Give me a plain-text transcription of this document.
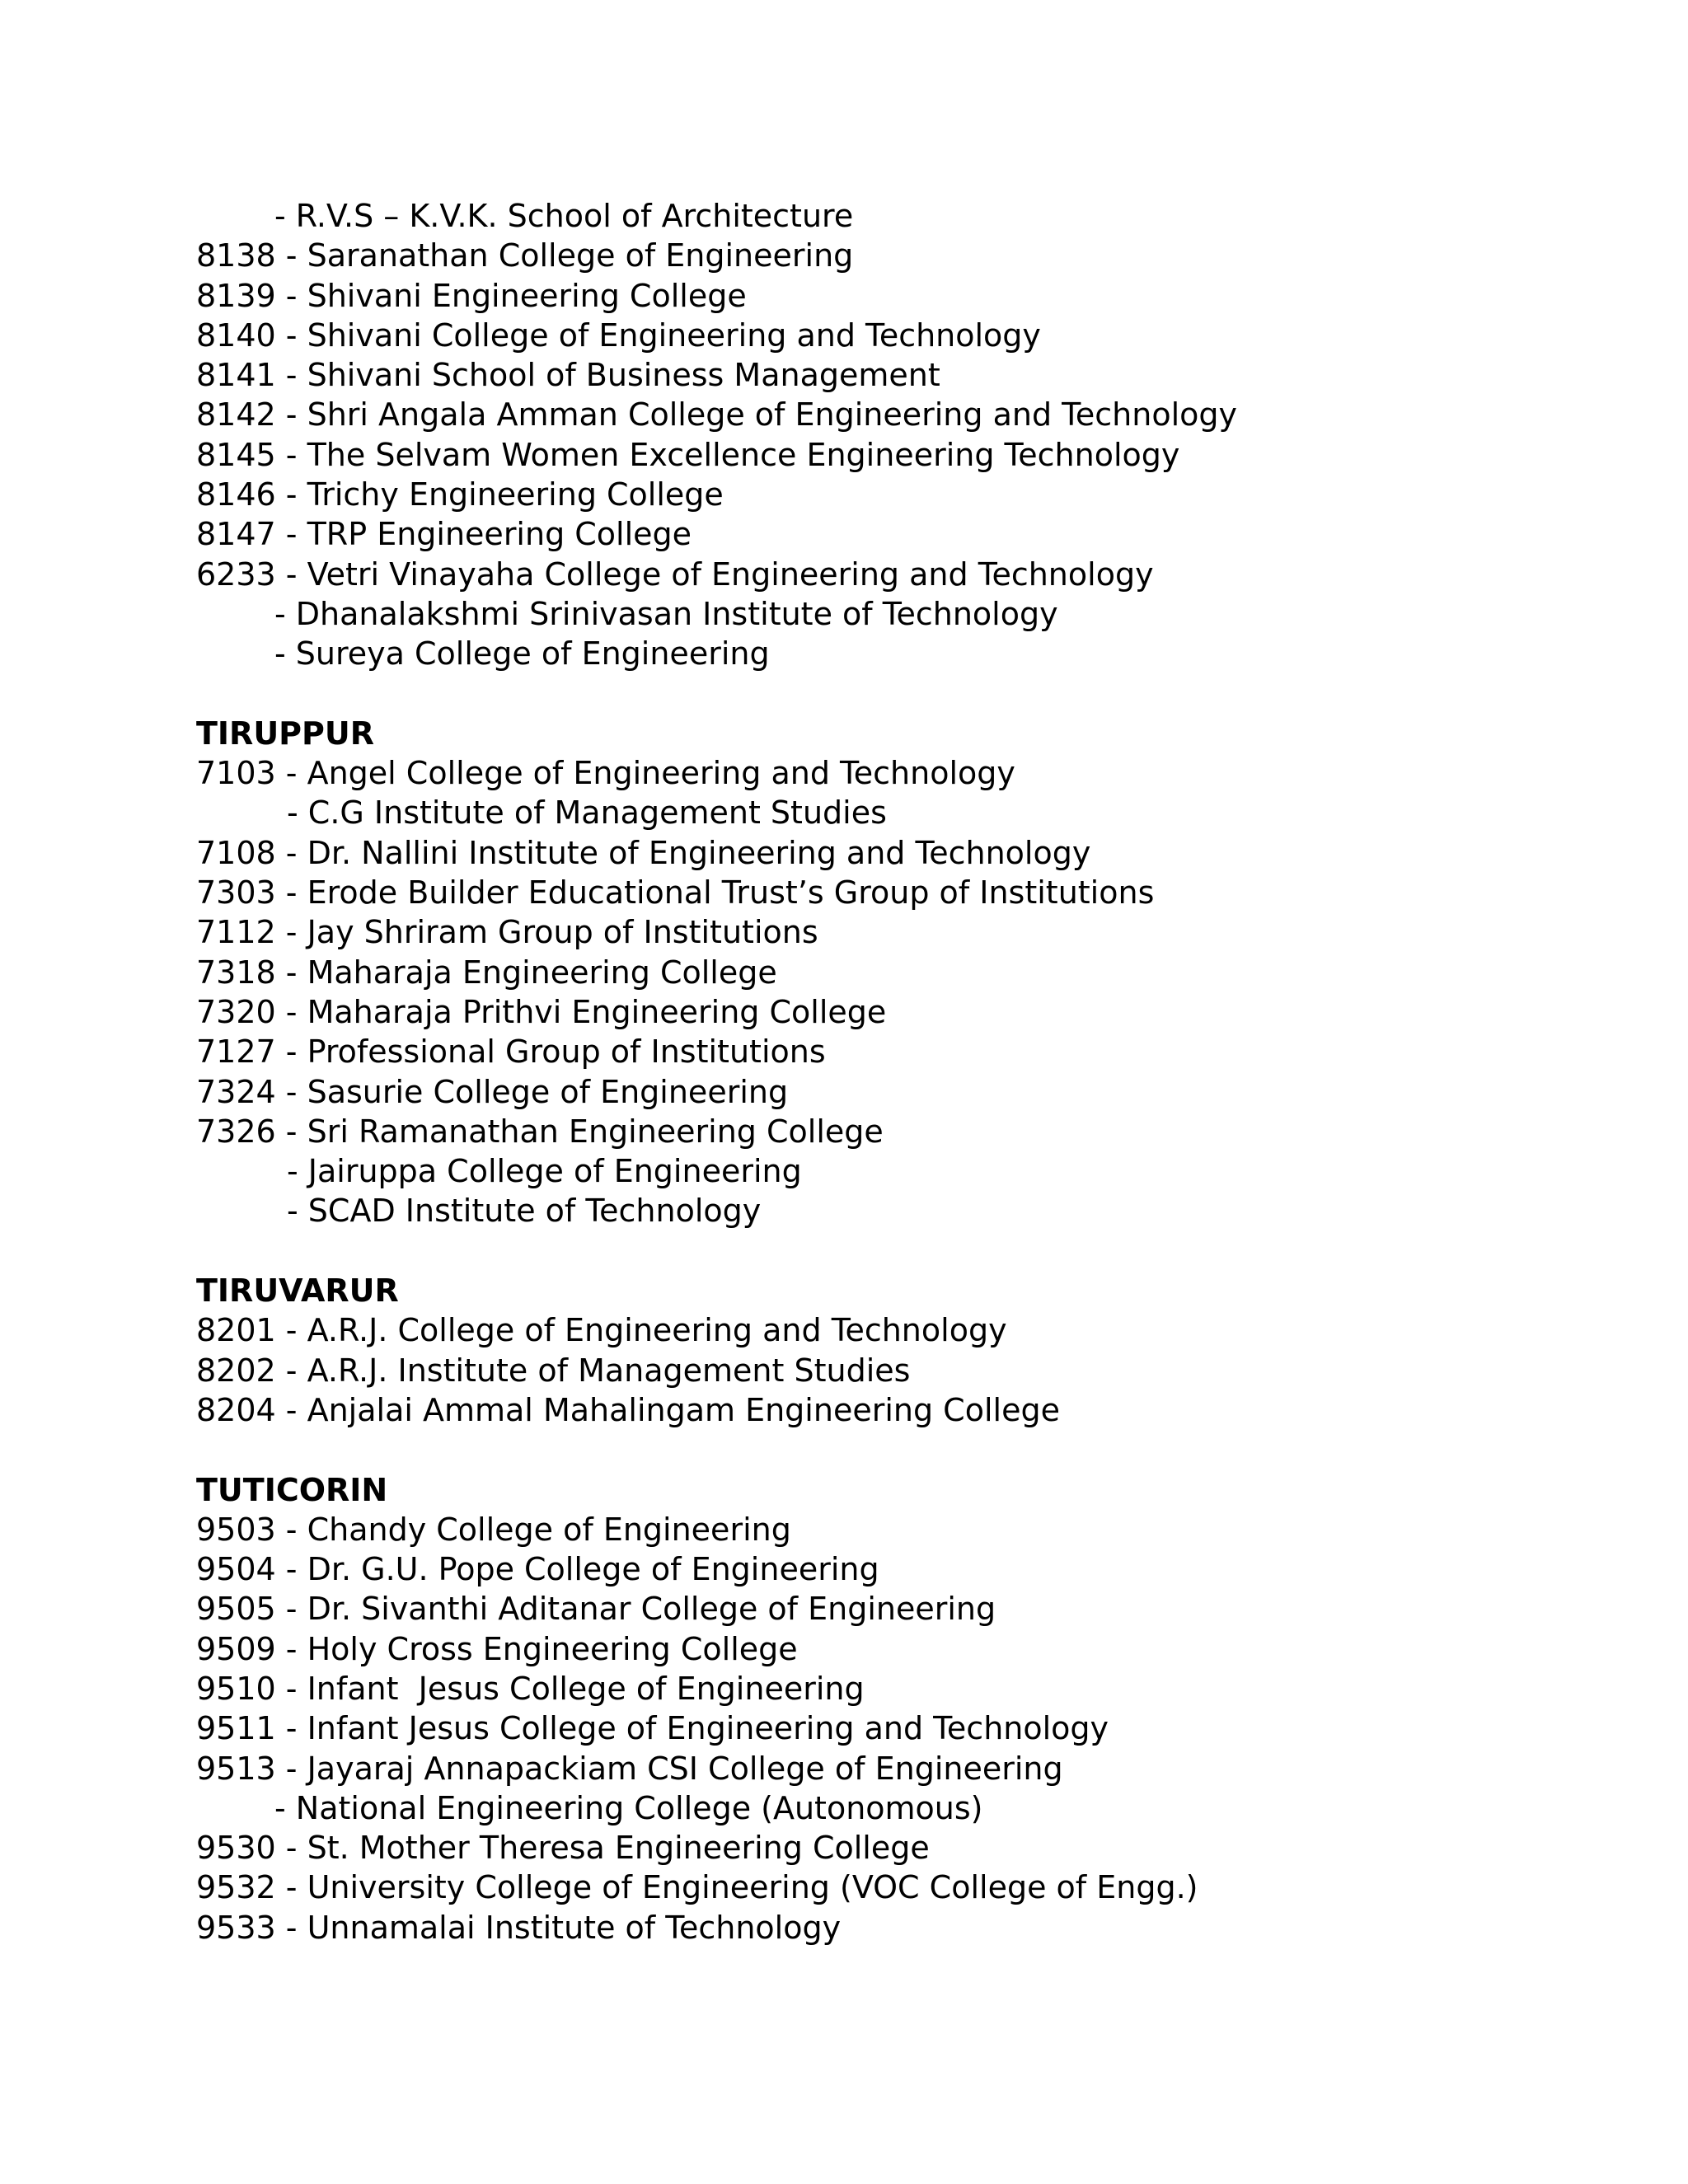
- R.V.S – K.V.K. School of Architecture
8138 - Saranathan College of Engineering
8139 - Shivani Engineering College
8140 - Shivani College of Engineering and Technology
8141 - Shivani School of Business Management
8142 - Shri Angala Amman College of Engineering and Technology
8145 - The Selvam Women Excellence Engineering Technology
8146 - Trichy Engineering College
8147 - TRP Engineering College
6233 - Vetri Vinayaha College of Engineering and Technology
- Dhanalakshmi Srinivasan Institute of Technology
- Sureya College of Engineering
TIRUPPUR
7103 - Angel College of Engineering and Technology
- C.G Institute of Management Studies
7108 - Dr. Nallini Institute of Engineering and Technology
7303 - Erode Builder Educational Trust’s Group of Institutions
7112 - Jay Shriram Group of Institutions
7318 - Maharaja Engineering College
7320 - Maharaja Prithvi Engineering College
7127 - Professional Group of Institutions
7324 - Sasurie College of Engineering
7326 - Sri Ramanathan Engineering College
- Jairuppa College of Engineering
- SCAD Institute of Technology
TIRUVARUR
8201 - A.R.J. College of Engineering and Technology
8202 - A.R.J. Institute of Management Studies
8204 - Anjalai Ammal Mahalingam Engineering College
TUTICORIN
9503 - Chandy College of Engineering
9504 - Dr. G.U. Pope College of Engineering
9505 - Dr. Sivanthi Aditanar College of Engineering
9509 - Holy Cross Engineering College
9510 - Infant  Jesus College of Engineering
9511 - Infant Jesus College of Engineering and Technology
9513 - Jayaraj Annapackiam CSI College of Engineering
- National Engineering College (Autonomous)
9530 - St. Mother Theresa Engineering College
9532 - University College of Engineering (VOC College of Engg.)
9533 - Unnamalai Institute of Technology
